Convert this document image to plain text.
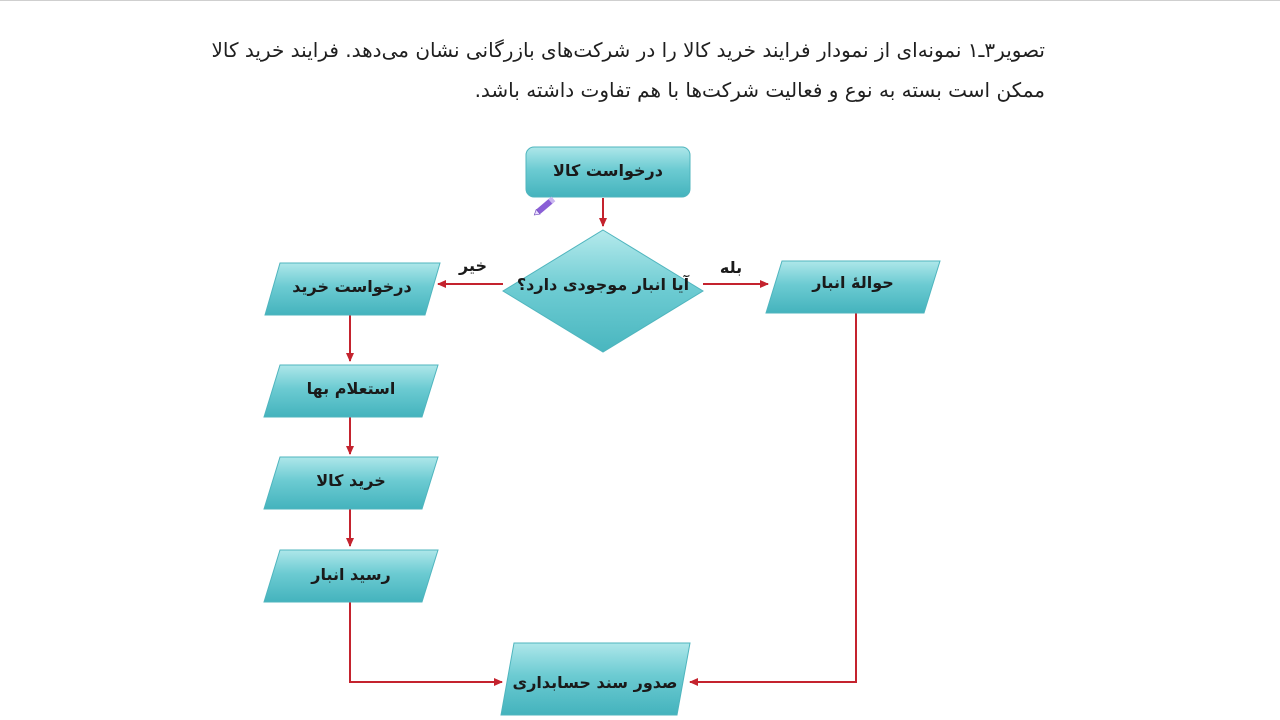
تصویر۳ـ۱ نمونه‌ای از نمودار فرایند خرید کالا را در شرکت‌های بازرگانی نشان می‌دهد. فرایند خرید کالا
ممکن است بسته به نوع و فعالیت شرکت‌ها با هم تفاوت داشته باشد.
درخواست کالا
آیا انبار موجودی دارد؟
خیر	بله
حوالهٔ انبار
درخواست خرید
استعلام بها
خرید کالا
رسید انبار
صدور سند حسابداری
